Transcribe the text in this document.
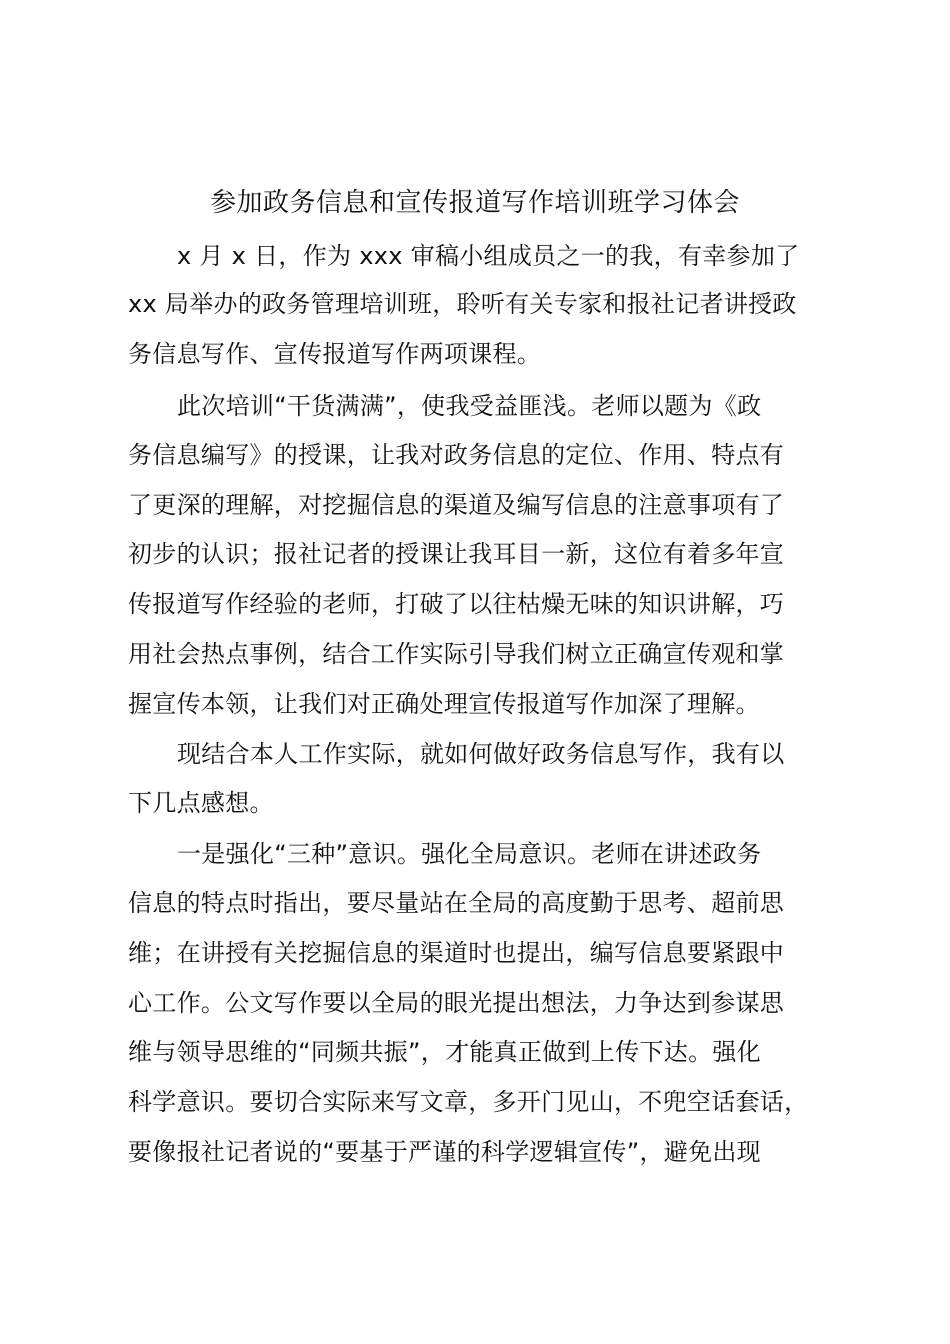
参加政务信息和宣传报道写作培训班学习体会

x 月 x 日，作为 xxx 审稿小组成员之一的我，有幸参加了

xx 局举办的政务管理培训班，聆听有关专家和报社记者讲授政

务信息写作、宣传报道写作两项课程。

此次培训“干货满满”，使我受益匪浅。老师以题为《政

务信息编写》的授课，让我对政务信息的定位、作用、特点有

了更深的理解，对挖掘信息的渠道及编写信息的注意事项有了

初步的认识；报社记者的授课让我耳目一新，这位有着多年宣

传报道写作经验的老师，打破了以往枯燥无味的知识讲解，巧

用社会热点事例，结合工作实际引导我们树立正确宣传观和掌

握宣传本领，让我们对正确处理宣传报道写作加深了理解。

现结合本人工作实际，就如何做好政务信息写作，我有以

下几点感想。

一是强化“三种”意识。强化全局意识。老师在讲述政务

信息的特点时指出，要尽量站在全局的高度勤于思考、超前思

维；在讲授有关挖掘信息的渠道时也提出，编写信息要紧跟中

心工作。公文写作要以全局的眼光提出想法，力争达到参谋思

维与领导思维的“同频共振”，才能真正做到上传下达。强化

科学意识。要切合实际来写文章，多开门见山，不兜空话套话，

要像报社记者说的“要基于严谨的科学逻辑宣传”，避免出现
